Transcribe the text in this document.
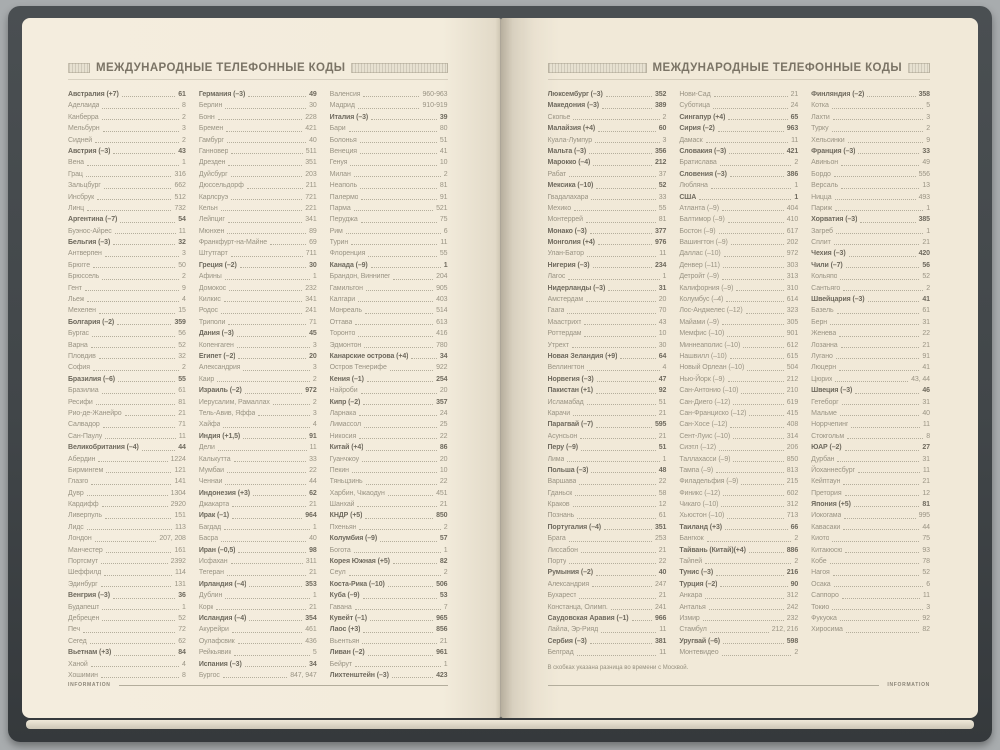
МЕЖДУНАРОДНЫЕ ТЕЛЕФОННЫЕ КОДЫ
Австралия (+7)	61
Аделаида	8
Канберра	2
Мельбурн	3
Сидней	2
Австрия (–3)	43
Вена	1
Грац	316
Зальцбург	662
Инсбрук	512
Линц	732
Аргентина (–7)	54
Буэнос-Айрес	11
Бельгия (–3)	32
Антверпен	3
Брюгге	50
Брюссель	2
Гент	9
Льеж	4
Мехелен	15
Болгария (–2)	359
Бургас	56
Варна	52
Пловдив	32
София	2
Бразилия (–6)	55
Бразилиа	61
Ресифи	81
Рио-де-Жанейро	21
Салвадор	71
Сан-Паулу	11
Великобритания (–4)	44
Абердин	1224
Бирмингем	121
Глазго	141
Дувр	1304
Кардифф	2920
Ливерпуль	151
Лидс	113
Лондон	207, 208
Манчестер	161
Портсмут	2392
Шеффилд	114
Эдинбург	131
Венгрия (–3)	36
Будапешт	1
Дебрецен	52
Печ	72
Сегед	62
Вьетнам (+3)	84
Ханой	4
Хошимин	8
Германия (–3)	49
Берлин	30
Бонн	228
Бремен	421
Гамбург	40
Ганновер	511
Дрезден	351
Дуйсбург	203
Дюссельдорф	211
Карлсруэ	721
Кельн	221
Лейпциг	341
Мюнхен	89
Франкфурт-на-Майне	69
Штутгарт	711
Греция (–2)	30
Афины	1
Домокос	232
Килкис	341
Родос	241
Триполи	71
Дания (–3)	45
Копенгаген	3
Египет (–2)	20
Александрия	3
Каир	2
Израиль (–2)	972
Иерусалим, Рамаллах	2
Тель-Авив, Яффа	3
Хайфа	4
Индия (+1,5)	91
Дели	11
Калькутта	33
Мумбаи	22
Ченнаи	44
Индонезия (+3)	62
Джакарта	21
Ирак (–1)	964
Багдад	1
Басра	40
Иран (–0,5)	98
Исфахан	311
Тегеран	21
Ирландия (–4)	353
Дублин	1
Корк	21
Исландия (–4)	354
Акурейри	461
Оулафсвик	436
Рейкьявик	5
Испания (–3)	34
Бургос	847, 947
Валенсия	960-963
Мадрид	910-919
Италия (–3)	39
Бари	80
Болонья	51
Венеция	41
Генуя	10
Милан	2
Неаполь	81
Палермо	91
Парма	521
Перуджа	75
Рим	6
Турин	11
Флоренция	55
Канада (–9)	1
Брандон, Виннипег	204
Гамильтон	905
Калгари	403
Монреаль	514
Оттава	613
Торонто	416
Эдмонтон	780
Канарские острова (+4)	34
Остров Тенерифе	922
Кения (–1)	254
Найроби	20
Кипр (–2)	357
Ларнака	24
Лимассол	25
Никосия	22
Китай (+4)	86
Гуанчжоу	20
Пекин	10
Тяньцзинь	22
Харбин, Чжаодун	451
Шанхай	21
КНДР (+5)	850
Пхеньян	2
Колумбия (–9)	57
Богота	1
Корея Южная (+5)	82
Сеул	2
Коста-Рика (–10)	506
Куба (–9)	53
Гавана	7
Кувейт (–1)	965
Лаос (+3)	856
Вьентьян	21
Ливан (–2)	961
Бейрут	1
Лихтенштейн (–3)	423
INFORMATION
МЕЖДУНАРОДНЫЕ ТЕЛЕФОННЫЕ КОДЫ
Люксембург (–3)	352
Македония (–3)	389
Скопье	2
Малайзия (+4)	60
Куала-Лумпур	3
Мальта (–3)	356
Марокко (–4)	212
Рабат	37
Мексика (–10)	52
Гвадалахара	33
Мехико	55
Монтеррей	81
Монако (–3)	377
Монголия (+4)	976
Улан-Батор	11
Нигерия (–3)	234
Лагос	1
Нидерланды (–3)	31
Амстердам	20
Гаага	70
Маастрихт	43
Роттердам	10
Утрехт	30
Новая Зеландия (+9)	64
Веллингтон	4
Норвегия (–3)	47
Пакистан (+1)	92
Исламабад	51
Карачи	21
Парагвай (–7)	595
Асунсьон	21
Перу (–9)	51
Лима	1
Польша (–3)	48
Варшава	22
Гданьск	58
Краков	12
Познань	61
Португалия (–4)	351
Брага	253
Лиссабон	21
Порту	22
Румыния (–2)	40
Александрия	247
Бухарест	21
Констанца, Олимп.	241
Саудовская Аравия (–1)	966
Лайла, Эр-Рияд	11
Сербия (–3)	381
Белград	11
Нови-Сад	21
Суботица	24
Сингапур (+4)	65
Сирия (–2)	963
Дамаск	11
Словакия (–3)	421
Братислава	2
Словения (–3)	386
Любляна	1
США	1
Атланта (–9)	404
Балтимор (–9)	410
Бостон (–9)	617
Вашингтон (–9)	202
Даллас (–10)	972
Денвер (–11)	303
Детройт (–9)	313
Калифорния (–9)	310
Колумбус (–4)	614
Лос-Анджелес (–12)	323
Майами (–9)	305
Мемфис (–10)	901
Миннеаполис (–10)	612
Нашвилл (–10)	615
Новый Орлеан (–10)	504
Нью-Йорк (–9)	212
Сан-Антонио (–10)	210
Сан-Диего (–12)	619
Сан-Франциско (–12)	415
Сан-Хосе (–12)	408
Сент-Луис (–10)	314
Сиэтл (–12)	206
Таллахасси (–9)	850
Тампа (–9)	813
Филадельфия (–9)	215
Финикс (–12)	602
Чикаго (–10)	312
Хьюстон (–10)	713
Таиланд (+3)	66
Бангкок	2
Тайвань (Китай)(+4)	886
Тайпей	2
Тунис (–3)	216
Турция (–2)	90
Анкара	312
Анталья	242
Измир	232
Стамбул	212, 216
Уругвай (–6)	598
Монтевидео	2
Финляндия (–2)	358
Котка	5
Лахти	3
Турку	2
Хельсинки	9
Франция (–3)	33
Авиньон	49
Бордо	556
Версаль	13
Ницца	493
Париж	1
Хорватия (–3)	385
Загреб	1
Сплит	21
Чехия (–3)	420
Чили (–7)	56
Кольяпо	52
Сантьяго	2
Швейцария (–3)	41
Базель	61
Берн	31
Женева	22
Лозанна	21
Лугано	91
Люцерн	41
Цюрих	43, 44
Швеция (–3)	46
Гетеборг	31
Мальме	40
Норрчепинг	11
Стокгольм	8
ЮАР (–2)	27
Дурбан	31
Йоханнесбург	11
Кейптаун	21
Претория	12
Япония (+5)	81
Иокогама	995
Кавасаки	44
Киото	75
Китакюсю	93
Кобе	78
Нагоя	52
Осака	6
Саппоро	11
Токио	3
Фукуока	92
Хиросима	82
В скобках указана разница во времени с Москвой.
INFORMATION
